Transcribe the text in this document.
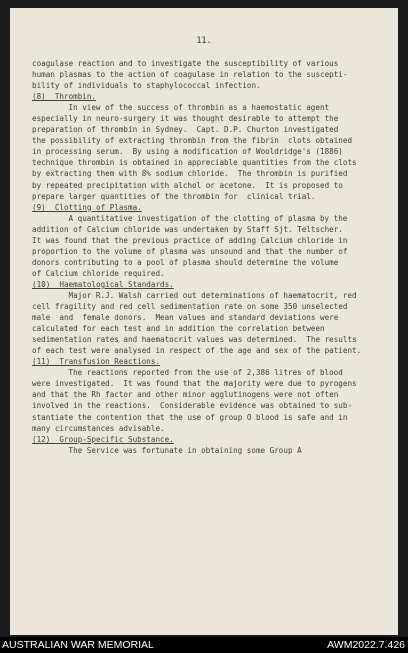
11.
coagulase reaction and to investigate the susceptibility of various
human plasmas to the action of coagulase in relation to the suscepti-
bility of individuals to staphylococcal infection.
(8)  Thrombin.
In view of the success of thrombin as a haemostatic agent
especially in neuro-surgery it was thought desirable to attempt the
preparation of thrombin in Sydney.  Capt. D.P. Churton investigated
the possibility of extracting thrombin from the fibrin  clots obtained
in processing serum.  By using a modification of Wooldridge's (1886)
technique thrombin is obtained in appreciable quantities from the clots
by extracting them with 8% sodium chloride.  The thrombin is purified
by repeated precipitation with alchol or acetone.  It is proposed to
prepare larger quantities of the thrombin for  clinical trial.
(9)  Clotting of Plasma.
A quantitative investigation of the clotting of plasma by the
addition of Calcium chloride was undertaken by Staff Sjt. Teltscher.
It was found that the previous practice of adding Calcium chloride in
proportion to the volume of plasma was unsound and that the number of
donors contributing to a pool of plasma should determine the volume
of Calcium chloride required.
(10)  Haematological Standards.
Major R.J. Walsh carried out determinations of haematocrit, red
cell fragility and red cell sedimentation rate on some 350 unselected
male  and  female donors.  Mean values and standard deviations were
calculated for each test and in addition the correlation between
sedimentation rates and haematocrit values was determined.  The results
of each test were analysed in respect of the age and sex of the patient.
(11)  Transfusion Reactions.
The reactions reported from the use of 2,386 litres of blood
were investigated.  It was found that the majority were due to pyrogens
and that the Rh factor and other minor agglutinogens were not often
involved in the reactions.  Considerable evidence was obtained to sub-
stantiate the contention that the use of group O blood is safe and in
many circumstances advisable.
(12)  Group-Specific Substance.
The Service was fortunate in obtaining some Group A
AUSTRALIAN WAR MEMORIAL	AWM2022.7.426
